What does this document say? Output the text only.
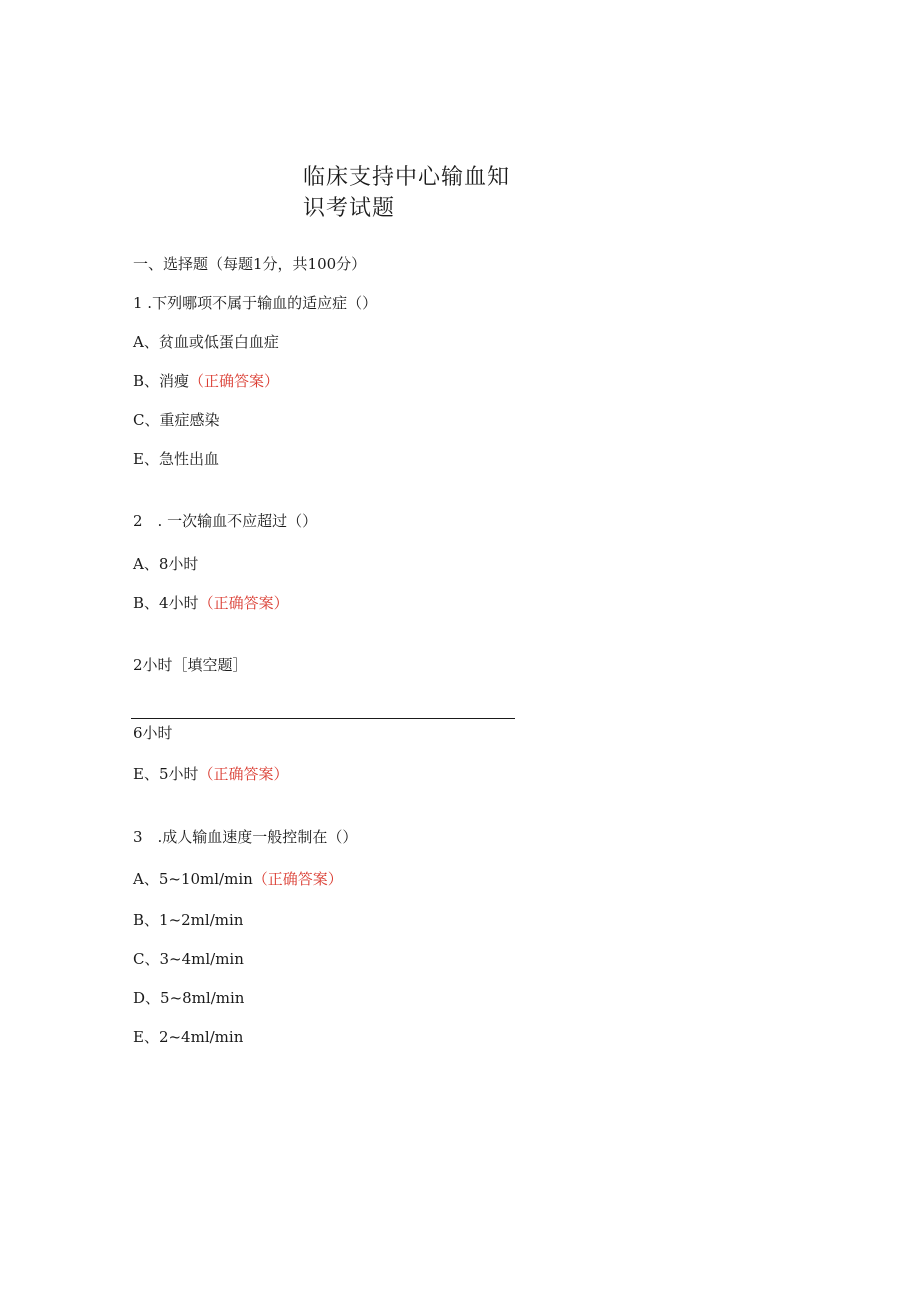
临床支持中心输血知识考试题
一、选择题（每题1分，共100分）
1 .下列哪项不属于输血的适应症（）
A、贫血或低蛋白血症
B、消瘦（正确答案）
C、重症感染
E、急性出血
2　. 一次输血不应超过（）
A、8小时
B、4小时（正确答案）
2小时［填空题］
6小时
E、5小时（正确答案）
3　.成人输血速度一般控制在（）
A、5~10ml/min（正确答案）
B、1~2ml/min
C、3~4ml/min
D、5~8ml/min
E、2~4ml/min
